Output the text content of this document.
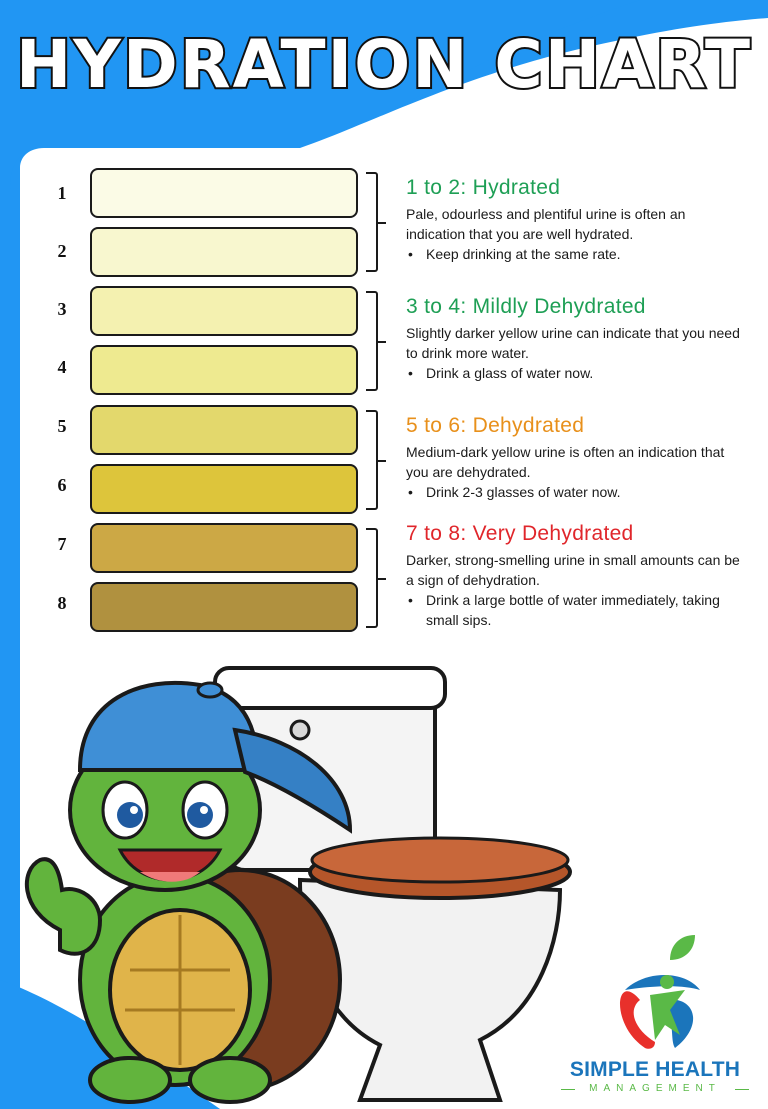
HYDRATION CHART
1
2
3
4
5
6
7
8
1 to 2: Hydrated

Pale, odourless and plentiful urine is often an indication that you are well hydrated.

• Keep drinking at the same rate.
3 to 4: Mildly Dehydrated

Slightly darker yellow urine can indicate that you need to drink more water.

• Drink a glass of water now.
5 to 6: Dehydrated

Medium-dark yellow urine is often an indication that you are dehydrated.

• Drink 2-3 glasses of water now.
7 to 8: Very Dehydrated

Darker, strong-smelling urine in small amounts can be a sign of dehydration.

• Drink a large bottle of water immediately, taking small sips.
SIMPLE HEALTH
MANAGEMENT
